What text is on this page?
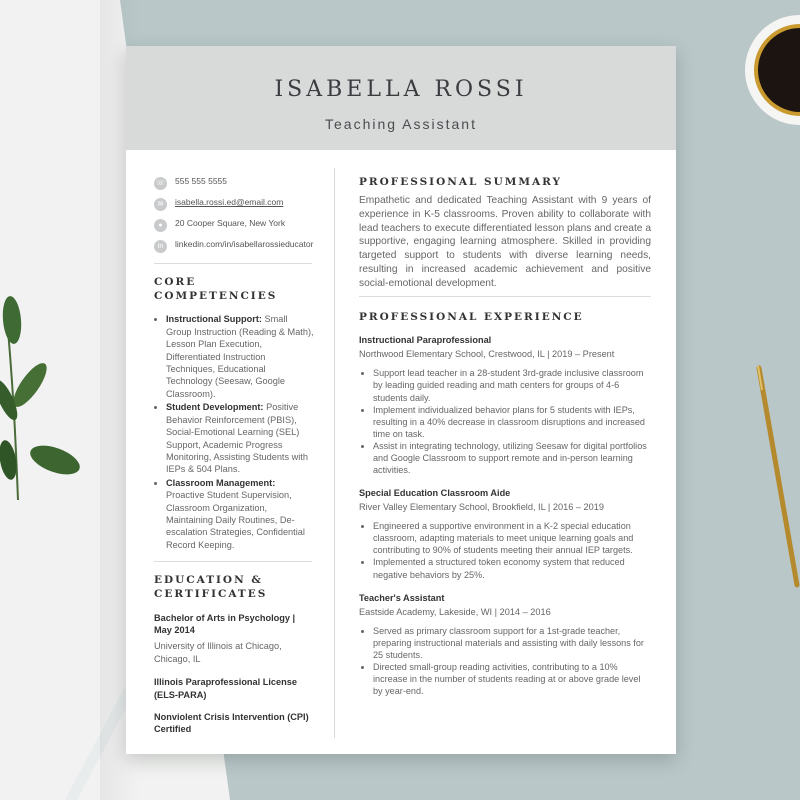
ISABELLA ROSSI
Teaching Assistant
☏ 555 555 5555
✉	isabella.rossi.ed@email.com
●	20 Cooper Square, New York
in	linkedin.com/in/isabellarossieducator
CORE COMPETENCIES
• Instructional Support: Small Group Instruction (Reading & Math), Lesson Plan Execution, Differentiated Instruction Techniques, Educational Technology (Seesaw, Google Classroom).
• Student Development: Positive Behavior Reinforcement (PBIS), Social-Emotional Learning (SEL) Support, Academic Progress Monitoring, Assisting Students with IEPs & 504 Plans.
• Classroom Management: Proactive Student Supervision, Classroom Organization, Maintaining Daily Routines, De-escalation Strategies, Confidential Record Keeping.
EDUCATION & CERTIFICATES
Bachelor of Arts in Psychology | May 2014
University of Illinois at Chicago, Chicago, IL
Illinois Paraprofessional License (ELS-PARA)
Nonviolent Crisis Intervention (CPI) Certified
PROFESSIONAL SUMMARY
Empathetic and dedicated Teaching Assistant with 9 years of experience in K-5 classrooms. Proven ability to collaborate with lead teachers to execute differentiated lesson plans and create a supportive, engaging learning atmosphere. Skilled in providing targeted support to students with diverse learning needs, resulting in increased academic achievement and positive social-emotional development.
PROFESSIONAL EXPERIENCE
Instructional Paraprofessional
Northwood Elementary School, Crestwood, IL | 2019 – Present
• Support lead teacher in a 28-student 3rd-grade inclusive classroom by leading guided reading and math centers for groups of 4-6 students daily.
• Implement individualized behavior plans for 5 students with IEPs, resulting in a 40% decrease in classroom disruptions and increased time on task.
• Assist in integrating technology, utilizing Seesaw for digital portfolios and Google Classroom to support remote and in-person learning activities.
Special Education Classroom Aide
River Valley Elementary School, Brookfield, IL | 2016 – 2019
• Engineered a supportive environment in a K-2 special education classroom, adapting materials to meet unique learning goals and contributing to 90% of students meeting their annual IEP targets.
• Implemented a structured token economy system that reduced negative behaviors by 25%.
Teacher's Assistant
Eastside Academy, Lakeside, WI | 2014 – 2016
• Served as primary classroom support for a 1st-grade teacher, preparing instructional materials and assisting with daily lessons for 25 students.
• Directed small-group reading activities, contributing to a 10% increase in the number of students reading at or above grade level by year-end.
